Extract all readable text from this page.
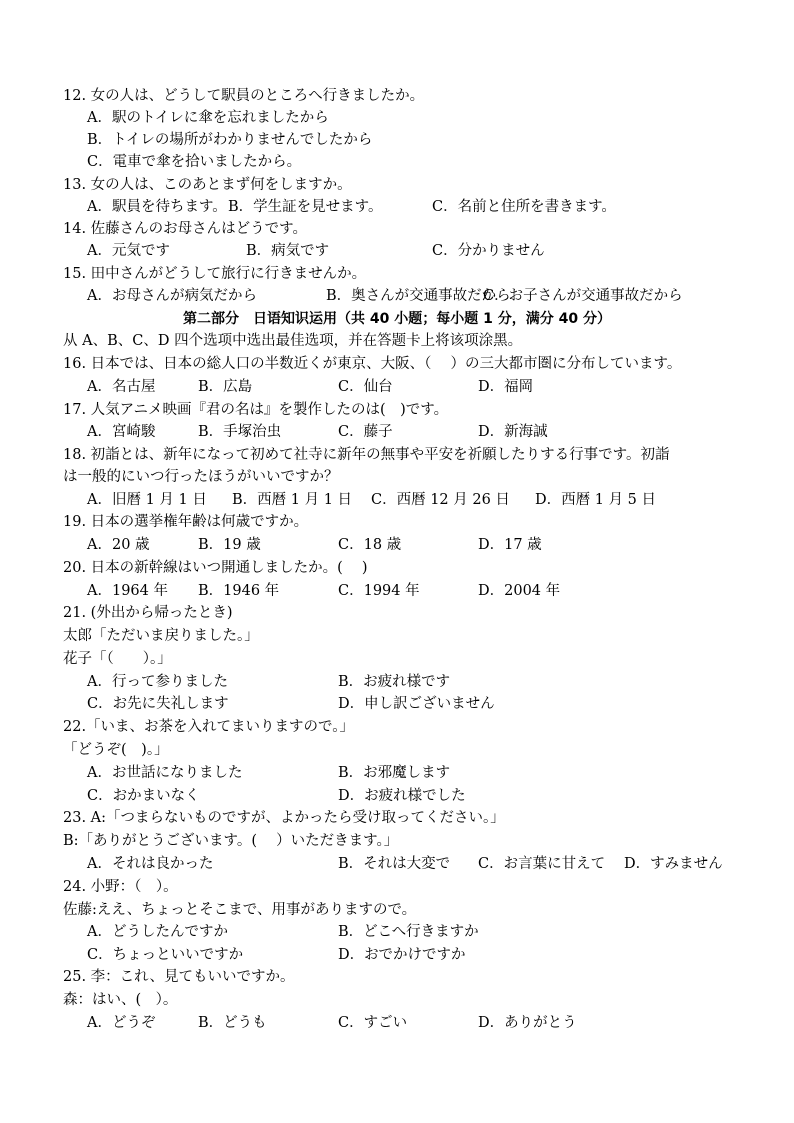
12. 女の人は、どうして駅員のところへ行きましたか。
A．駅のトイレに傘を忘れましたから
B．トイレの場所がわかりませんでしたから
C．電車で傘を拾いましたから。
13. 女の人は、このあとまず何をしますか。
A．駅員を待ちます。 B．学生証を見せます。	C．名前と住所を書きます。
14. 佐藤さんのお母さんはどうです。
A．元気です	B．病気です	C．分かりません
15. 田中さんがどうして旅行に行きませんか。
A．お母さんが病気だから	B．奥さんが交通事故だから
C．お子さんが交通事故だから
第二部分　日语知识运用（共 40 小题；每小题 1 分，满分 40 分）
从 A、B、C、D 四个选项中选出最佳选项，并在答题卡上将该项涂黑。
16. 日本では、日本の総人口の半数近くが東京、大阪、（　 ）の三大都市圏に分布しています。
A．名古屋	B．広島	C．仙台	D．福岡
17. 人気アニメ映画『君の名は』を製作したのは(　)です。
A．宮崎駿	B．手塚治虫	C．藤子	D．新海誠
18. 初詣とは、新年になって初めて社寺に新年の無事や平安を祈願したりする行事です。初詣
は一般的にいつ行ったほうがいいですか？
A．旧暦 1 月 1 日 B．西暦 1 月 1 日 C．西暦 12 月 26 日 D．西暦 1 月 5 日
19. 日本の選挙権年齢は何歳ですか。
A．20 歳	B．19 歳	C．18 歳	D．17 歳
20. 日本の新幹線はいつ開通しましたか。(　 )
A．1964 年 B．1946 年	C．1994 年	D．2004 年
21. (外出から帰ったとき)
太郎「ただいま戻りました。」
花子「（　　）。」
A．行って参りました	B．お疲れ様です
C．お先に失礼します	D．申し訳ございません
22.「いま、お茶を入れてまいりますので。」
「どうぞ(　)。」
A．お世話になりました	B．お邪魔します
C．おかまいなく	D．お疲れ様でした
23. A:「つまらないものですが、よかったら受け取ってください。」
B:「ありがとうございます。(　 ）いただきます。」
A．それは良かった	B．それは大変で C．お言葉に甘えて D．すみません
24. 小野：（　）。
佐藤:ええ、ちょっとそこまで、用事がありますので。
A．どうしたんですか	B．どこへ行きますか
C．ちょっといいですか	D．おでかけですか
25. 李：これ、見てもいいですか。
森：はい、(　）。
A．どうぞ	B．どうも	C．すごい	D．ありがとう
